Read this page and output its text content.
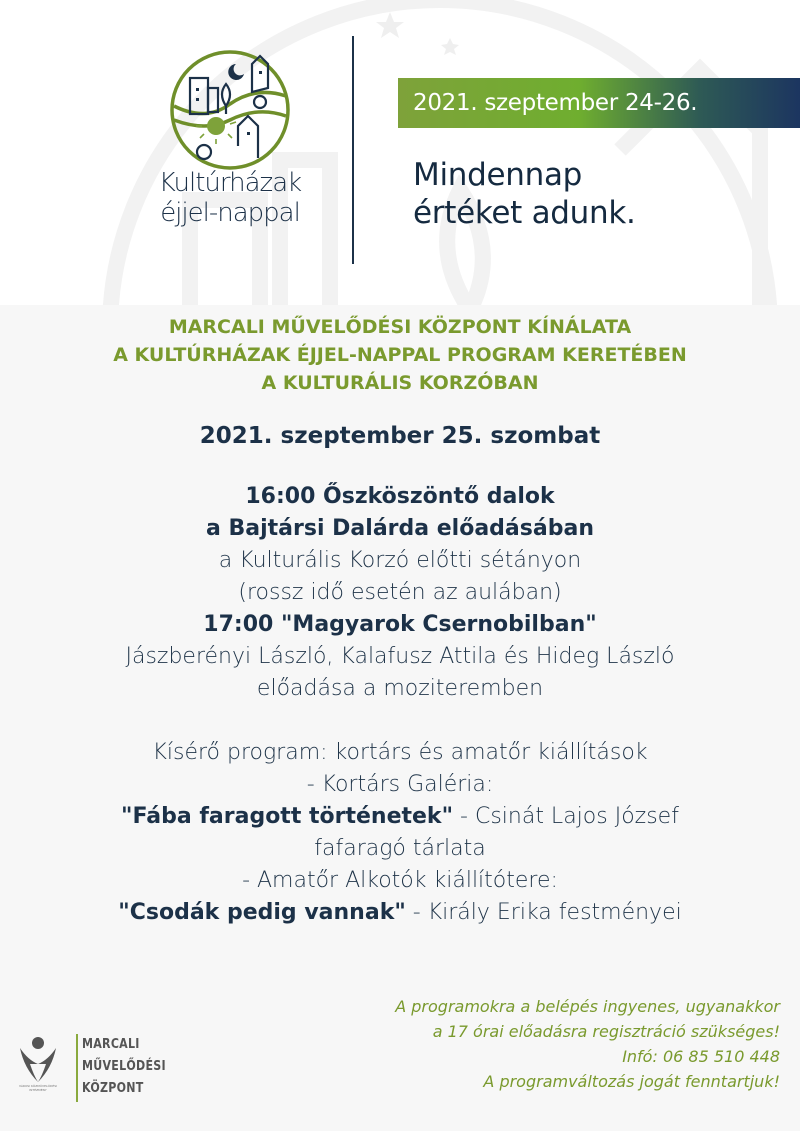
Kultúrházak
éjjel-nappal
2021. szeptember 24-26.
Mindennap
értéket adunk.
MARCALI MŰVELŐDÉSI KÖZPONT KÍNÁLATA
A KULTÚRHÁZAK ÉJJEL-NAPPAL PROGRAM KERETÉBEN
A KULTURÁLIS KORZÓBAN
2021. szeptember 25. szombat
16:00 Őszköszöntő dalok
a Bajtársi Dalárda előadásában
a Kulturális Korzó előtti sétányon
(rossz idő esetén az aulában)
17:00 "Magyarok Csernobilban"
Jászberényi László, Kalafusz Attila és Hideg László
előadása a moziteremben
Kísérő program: kortárs és amatőr kiállítások
- Kortárs Galéria:
"Fába faragott történetek" - Csinát Lajos József
fafaragó tárlata
- Amatőr Alkotók kiállítótere:
"Csodák pedig vannak" - Király Erika festményei
VÁROSI KÖZMŰVELŐDÉSI INTÉZMÉNY
MARCALI
MŰVELŐDÉSI
KÖZPONT
A programokra a belépés ingyenes, ugyanakkor
a 17 órai előadásra regisztráció szükséges!
Infó: 06 85 510 448
A programváltozás jogát fenntartjuk!
